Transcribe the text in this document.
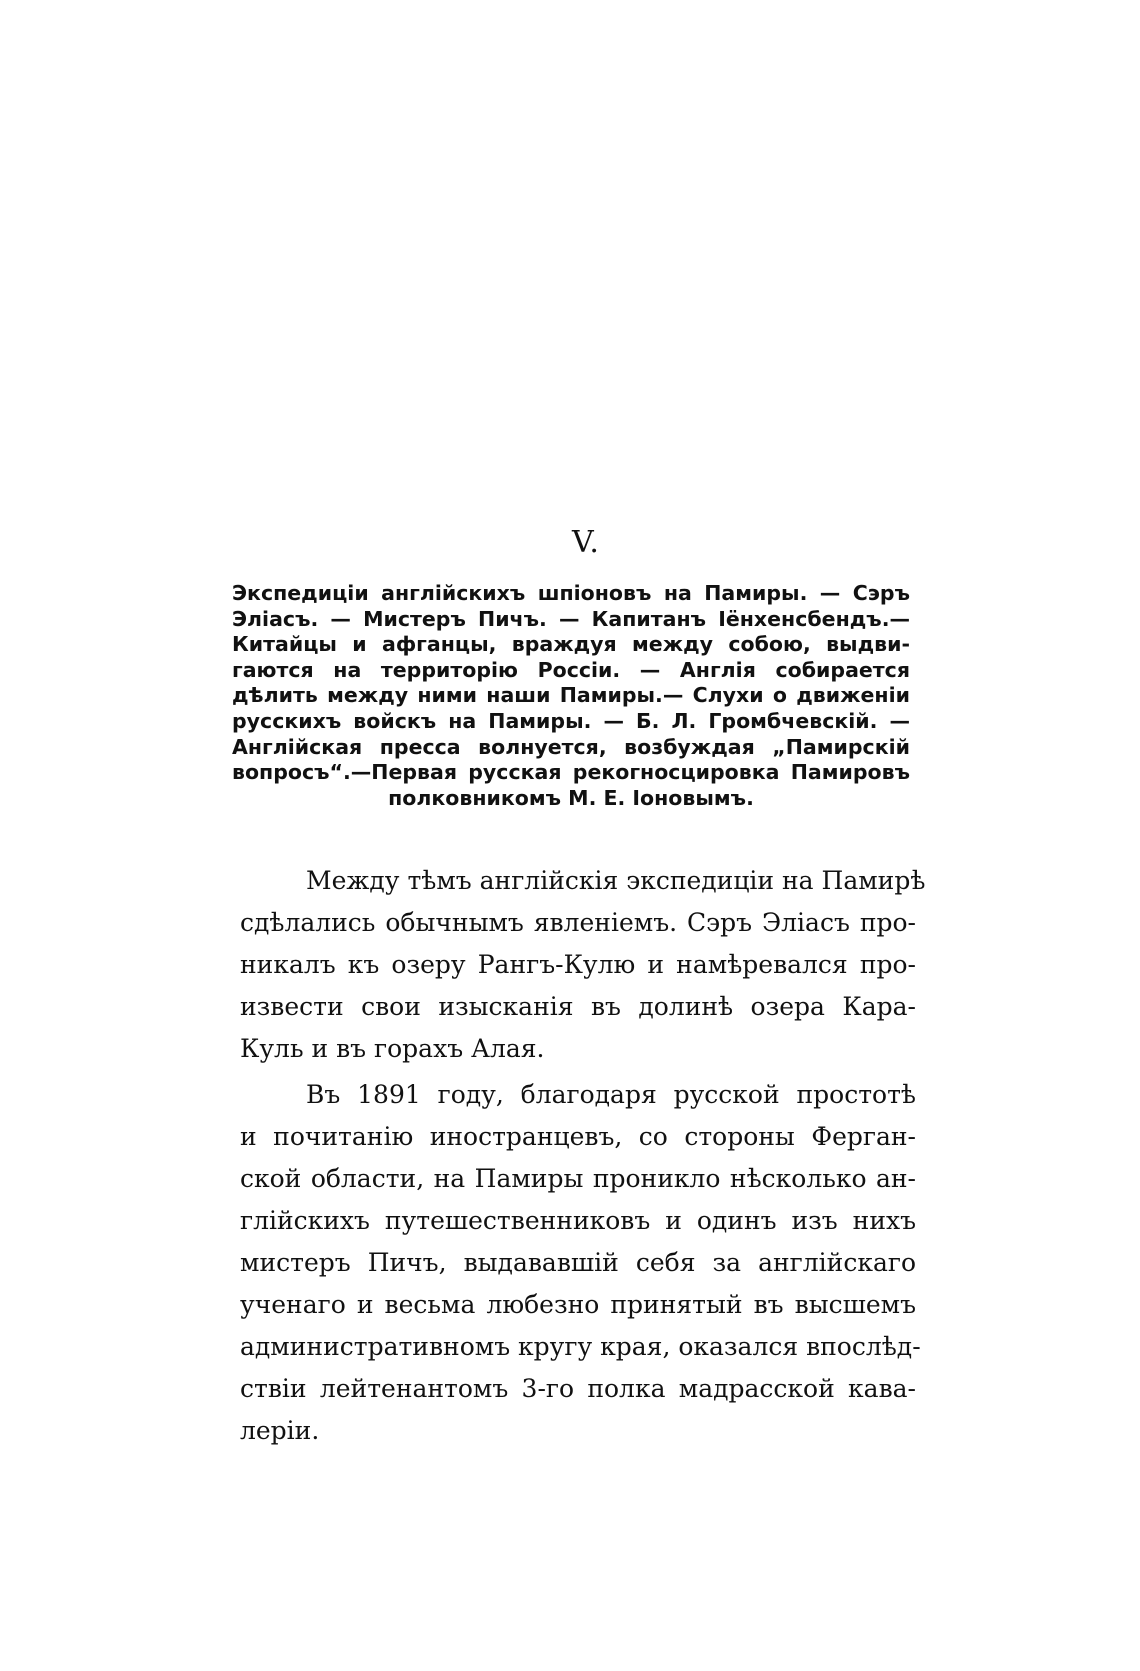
V.
Экспедиціи англійскихъ шпіоновъ на Памиры. — Сэръ
Эліасъ. — Мистеръ Пичъ. — Капитанъ Іёнхенсбендъ.—
Китайцы и афганцы, враждуя между собою, выдви-
гаются на территорію Россіи. — Англія собирается
дѣлить между ними наши Памиры.— Слухи о движеніи
русскихъ войскъ на Памиры. — Б. Л. Громбчевскій. —
Англійская пресса волнуется, возбуждая „Памирскій
вопросъ“.—Первая русская рекогносцировка Памировъ
полковникомъ М. Е. Іоновымъ.
Между тѣмъ англійскія экспедиціи на Памирѣ
сдѣлались обычнымъ явленіемъ. Сэръ Эліасъ про-
никалъ къ озеру Рангъ-Кулю и намѣревался про-
извести свои изысканія въ долинѣ озера Кара-
Куль и въ горахъ Алая.
Въ 1891 году, благодаря русской простотѣ
и почитанію иностранцевъ, со стороны Ферган-
ской области, на Памиры проникло нѣсколько ан-
глійскихъ путешественниковъ и одинъ изъ нихъ
мистеръ Пичъ, выдававшій себя за англійскаго
ученаго и весьма любезно принятый въ высшемъ
административномъ кругу края, оказался впослѣд-
ствіи лейтенантомъ 3-го полка мадрасской кава-
леріи.
